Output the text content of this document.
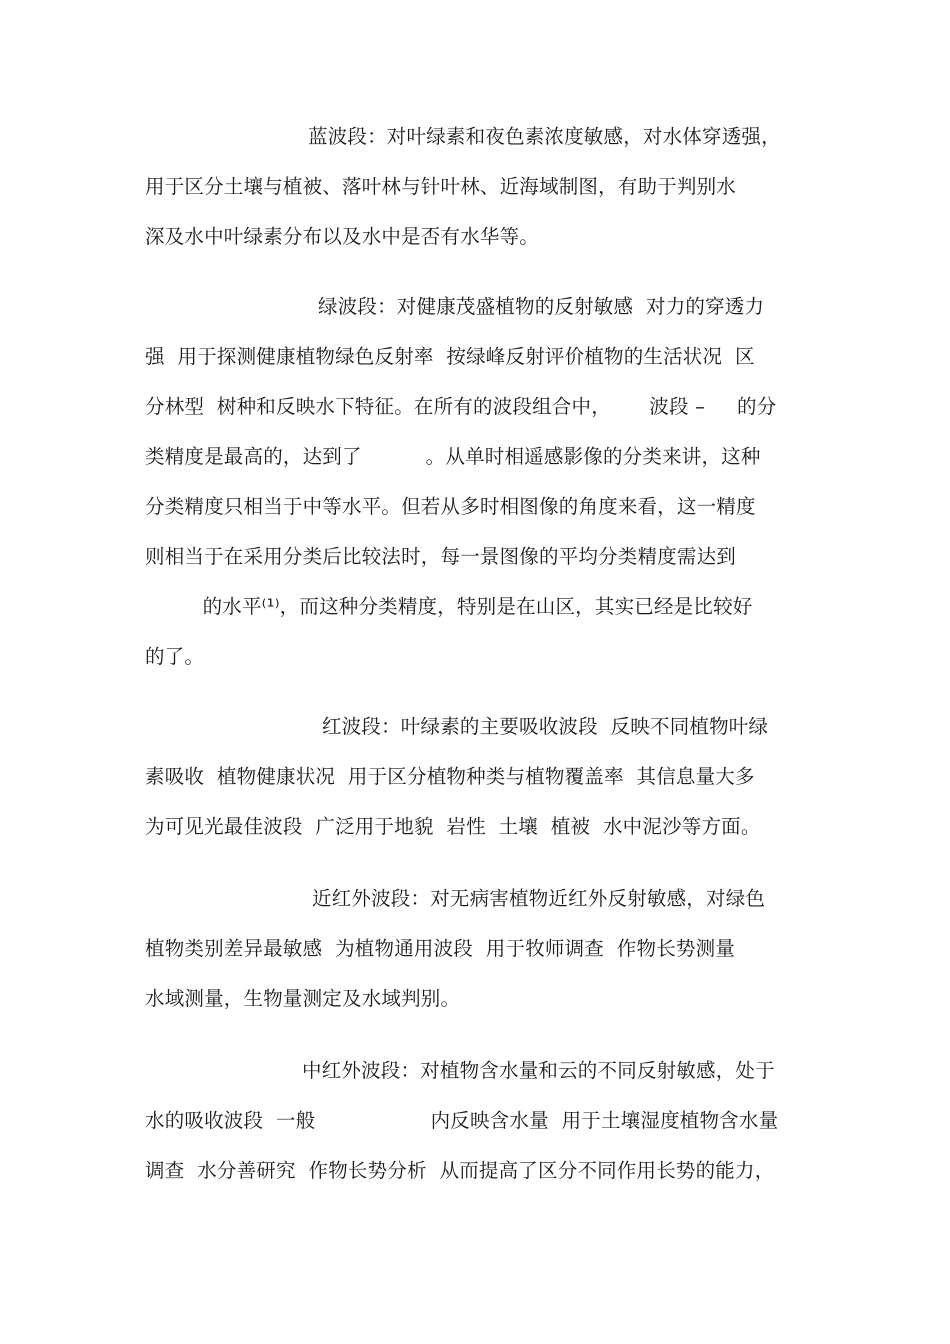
蓝波段：对叶绿素和夜色素浓度敏感，对水体穿透强，
用于区分土壤与植被、落叶林与针叶林、近海域制图，有助于判别水
深及水中叶绿素分布以及水中是否有水华等。
绿波段：对健康茂盛植物的反射敏感  对力的穿透力
强  用于探测健康植物绿色反射率  按绿峰反射评价植物的生活状况  区
分林型  树种和反映水下特征。在所有的波段组合中，      波段 –     的分
类精度是最高的，达到了          。从单时相遥感影像的分类来讲，这种
分类精度只相当于中等水平。但若从多时相图像的角度来看，这一精度
则相当于在采用分类后比较法时，每一景图像的平均分类精度需达到
的水平⁽¹⁾，而这种分类精度，特别是在山区，其实已经是比较好
的了。
红波段：叶绿素的主要吸收波段  反映不同植物叶绿
素吸收  植物健康状况  用于区分植物种类与植物覆盖率  其信息量大多
为可见光最佳波段  广泛用于地貌  岩性  土壤  植被  水中泥沙等方面。
近红外波段：对无病害植物近红外反射敏感，对绿色
植物类别差异最敏感  为植物通用波段  用于牧师调查  作物长势测量
水域测量，生物量测定及水域判别。
中红外波段：对植物含水量和云的不同反射敏感，处于
水的吸收波段  一般                  内反映含水量  用于土壤湿度植物含水量
调查  水分善研究  作物长势分析  从而提高了区分不同作用长势的能力，
